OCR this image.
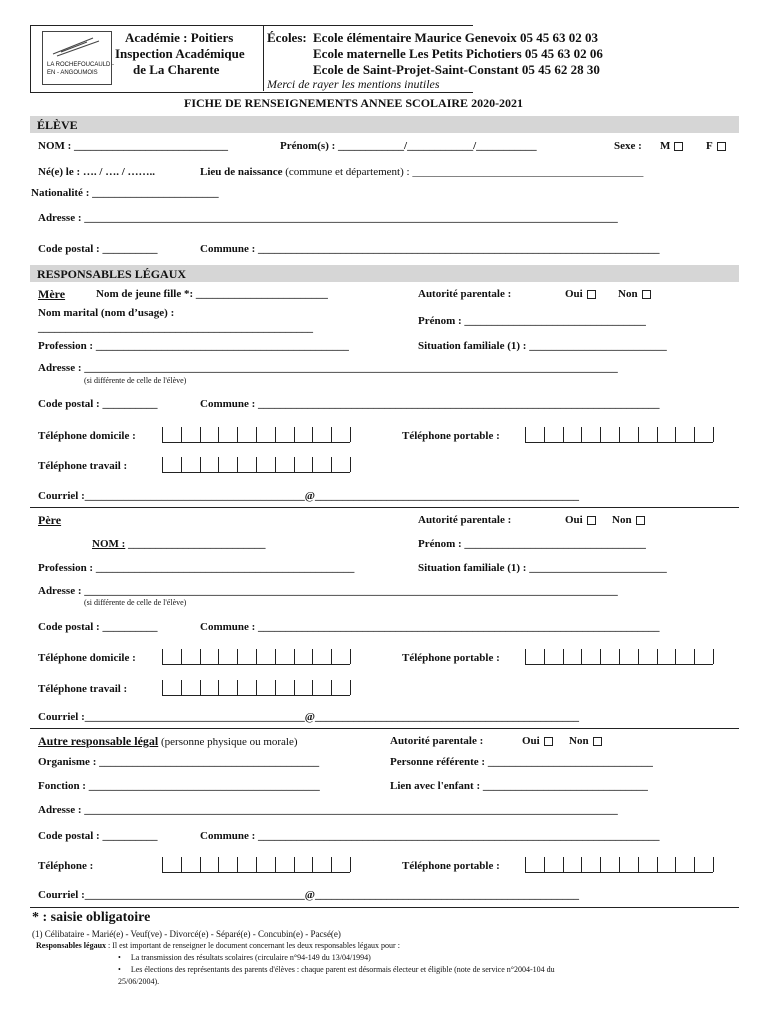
LA ROCHEFOUCAULD -
EN - ANGOUMOIS
Académie : Poitiers
Inspection Académique
de La Charente
Écoles: Ecole élémentaire Maurice Genevoix 05 45 63 02 03
Ecole maternelle Les Petits Pichotiers 05 45 63 02 06
Ecole de Saint-Projet-Saint-Constant 05 45 62 28 30
Merci de rayer les mentions inutiles
FICHE DE RENSEIGNEMENTS ANNEE SCOLAIRE 2020-2021
ÉLÈVE
NOM : ____________________________	Prénom(s) : ____________/____________/___________	Sexe : M	F
Né(e) le : …. / …. / ……..	Lieu de naissance (commune et département) : __________________________________________
Nationalité : _______________________
Adresse : _________________________________________________________________________________________________
Code postal : __________	Commune : _________________________________________________________________________
RESPONSABLES LÉGAUX
Mère	Nom de jeune fille *: ________________________	Autorité parentale :	Oui	Non
Nom marital (nom d’usage) :
__________________________________________________
Prénom : _________________________________
Profession : ______________________________________________	Situation familiale (1) : _________________________
Adresse : _________________________________________________________________________________________________
(si différente de celle de l'élève)
Code postal : __________	Commune : _________________________________________________________________________
Téléphone domicile :	Téléphone portable :
Téléphone travail :
Courriel :________________________________________@________________________________________________
Père	Autorité parentale :	Oui	Non
NOM : _________________________	Prénom : _________________________________
Profession : _______________________________________________	Situation familiale (1) : _________________________
Adresse : _________________________________________________________________________________________________
(si différente de celle de l'élève)
Code postal : __________	Commune : _________________________________________________________________________
Téléphone domicile :	Téléphone portable :
Téléphone travail :
Courriel :________________________________________@________________________________________________
Autre responsable légal (personne physique ou morale)	Autorité parentale :	Oui	Non
Organisme : ________________________________________	Personne référente : ______________________________
Fonction : __________________________________________	Lien avec l'enfant : ______________________________
Adresse : _________________________________________________________________________________________________
Code postal : __________	Commune : _________________________________________________________________________
Téléphone :	Téléphone portable :
Courriel :________________________________________@________________________________________________
* : saisie obligatoire
(1) Célibataire - Marié(e) - Veuf(ve) - Divorcé(e) - Séparé(e) - Concubin(e) - Pacsé(e)
Responsables légaux : Il est important de renseigner le document concernant les deux responsables légaux pour :
•     La transmission des résultats scolaires (circulaire n°94-149 du 13/04/1994)
•     Les élections des représentants des parents d'élèves : chaque parent est désormais électeur et éligible (note de service n°2004-104 du
25/06/2004).
